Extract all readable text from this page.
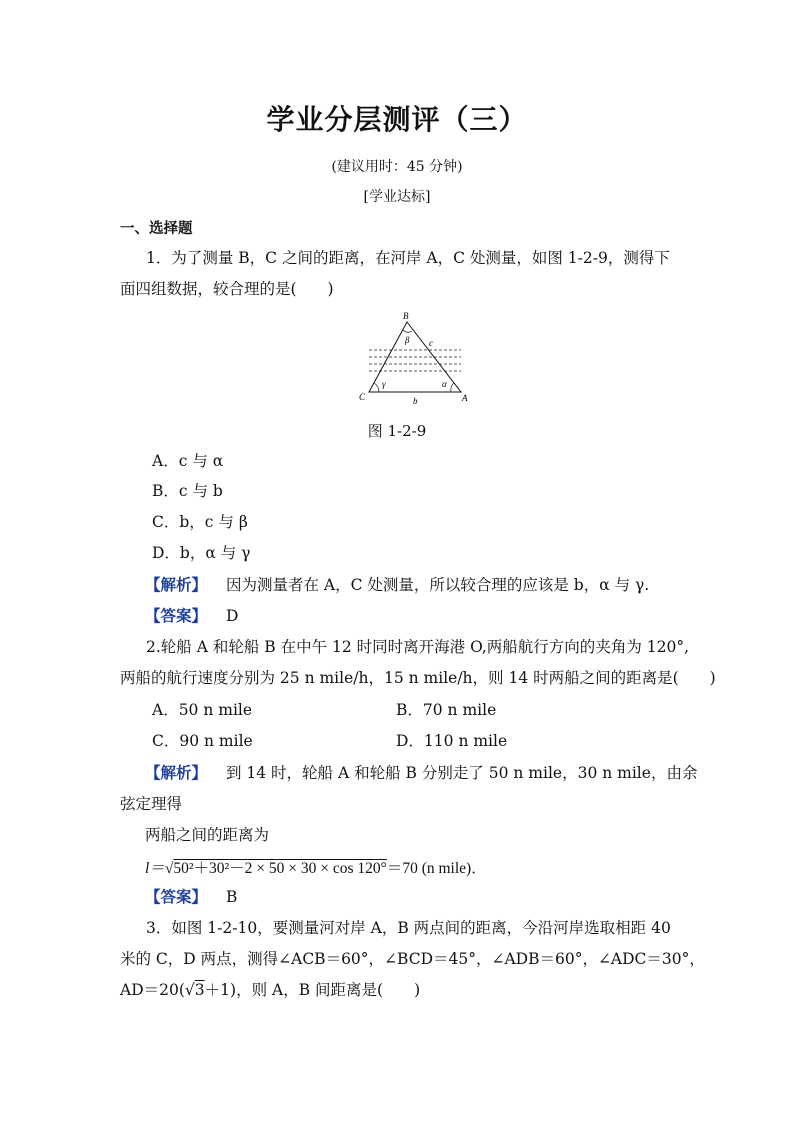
学业分层测评（三）
(建议用时：45 分钟)
[学业达标]
一、选择题
1．为了测量 B，C 之间的距离，在河岸 A，C 处测量，如图 1-2-9，测得下
面四组数据，较合理的是(　　)
B
C	A
β c
γ	α
b
图 1-2-9
A．c 与 α
B．c 与 b
C．b，c 与 β
D．b，α 与 γ
【解析】 因为测量者在 A，C 处测量，所以较合理的应该是 b，α 与 γ.
【答案】 D
2.轮船 A 和轮船 B 在中午 12 时同时离开海港 O,两船航行方向的夹角为 120°,
两船的航行速度分别为 25 n mile/h，15 n mile/h，则 14 时两船之间的距离是(　　)
A．50 n mile	B．70 n mile
C．90 n mile	D．110 n mile
【解析】 到 14 时，轮船 A 和轮船 B 分别走了 50 n mile，30 n mile，由余
弦定理得
两船之间的距离为
l＝√50²＋30²－2 × 50 × 30 × cos 120°＝70 (n mile)．
【答案】 B
3．如图 1-2-10，要测量河对岸 A，B 两点间的距离，今沿河岸选取相距 40
米的 C，D 两点，测得∠ACB＝60°，∠BCD＝45°，∠ADB＝60°，∠ADC＝30°，
AD＝20(√3＋1)，则 A，B 间距离是(　　)
